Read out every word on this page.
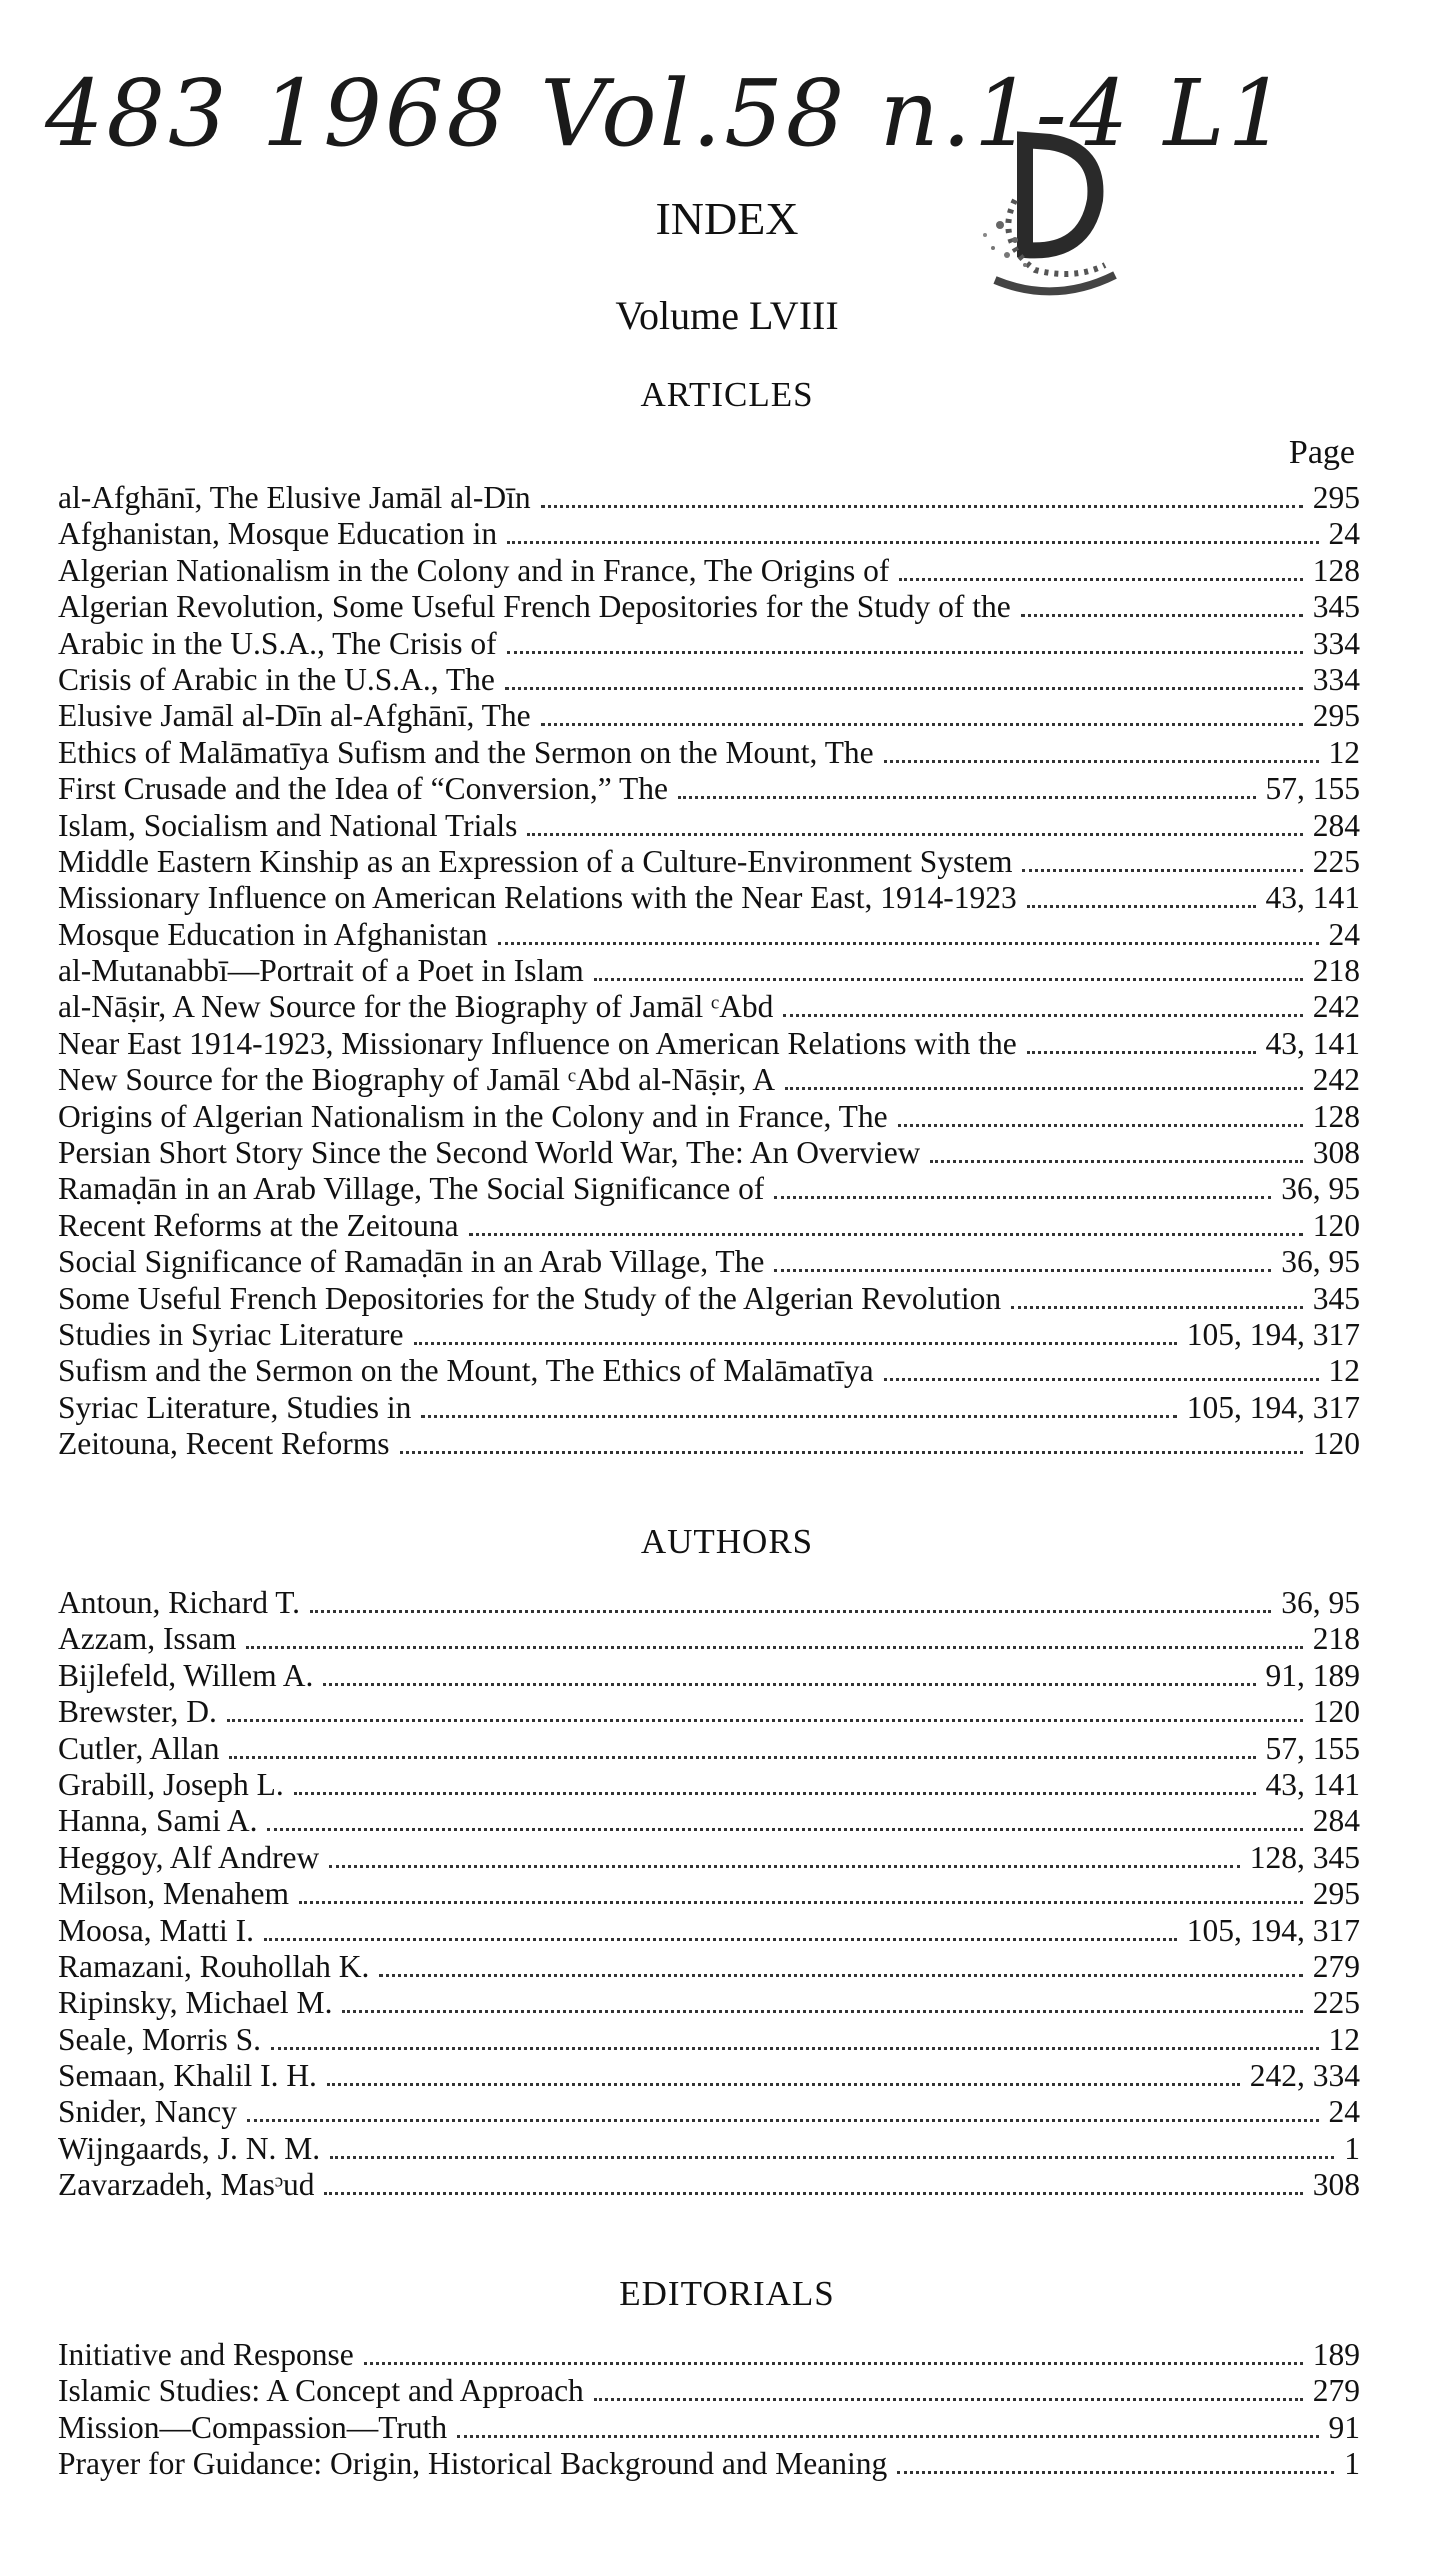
483 1968 Vol.58 n.1-4 L1
INDEX
Volume LVIII
ARTICLES
Page
al-Afghānī, The Elusive Jamāl al-Dīn	295
Afghanistan, Mosque Education in	24
Algerian Nationalism in the Colony and in France, The Origins of	128
Algerian Revolution, Some Useful French Depositories for the Study of the	345
Arabic in the U.S.A., The Crisis of	334
Crisis of Arabic in the U.S.A., The	334
Elusive Jamāl al-Dīn al-Afghānī, The	295
Ethics of Malāmatīya Sufism and the Sermon on the Mount, The	12
First Crusade and the Idea of “Conversion,” The	57, 155
Islam, Socialism and National Trials	284
Middle Eastern Kinship as an Expression of a Culture-Environment System	225
Missionary Influence on American Relations with the Near East, 1914-1923	43, 141
Mosque Education in Afghanistan	24
al-Mutanabbī—Portrait of a Poet in Islam	218
al-Nāṣir, A New Source for the Biography of Jamāl ᶜAbd	242
Near East 1914-1923, Missionary Influence on American Relations with the	43, 141
New Source for the Biography of Jamāl ᶜAbd al-Nāṣir, A	242
Origins of Algerian Nationalism in the Colony and in France, The	128
Persian Short Story Since the Second World War, The: An Overview	308
Ramaḍān in an Arab Village, The Social Significance of	36, 95
Recent Reforms at the Zeitouna	120
Social Significance of Ramaḍān in an Arab Village, The	36, 95
Some Useful French Depositories for the Study of the Algerian Revolution	345
Studies in Syriac Literature	105, 194, 317
Sufism and the Sermon on the Mount, The Ethics of Malāmatīya	12
Syriac Literature, Studies in	105, 194, 317
Zeitouna, Recent Reforms	120
AUTHORS
Antoun, Richard T.	36, 95
Azzam, Issam	218
Bijlefeld, Willem A.	91, 189
Brewster, D.	120
Cutler, Allan	57, 155
Grabill, Joseph L.	43, 141
Hanna, Sami A.	284
Heggoy, Alf Andrew	128, 345
Milson, Menahem	295
Moosa, Matti I.	105, 194, 317
Ramazani, Rouhollah K.	279
Ripinsky, Michael M.	225
Seale, Morris S.	12
Semaan, Khalil I. H.	242, 334
Snider, Nancy	24
Wijngaards, J. N. M.	1
Zavarzadeh, Masᵓud	308
EDITORIALS
Initiative and Response	189
Islamic Studies: A Concept and Approach	279
Mission—Compassion—Truth	91
Prayer for Guidance: Origin, Historical Background and Meaning	1
